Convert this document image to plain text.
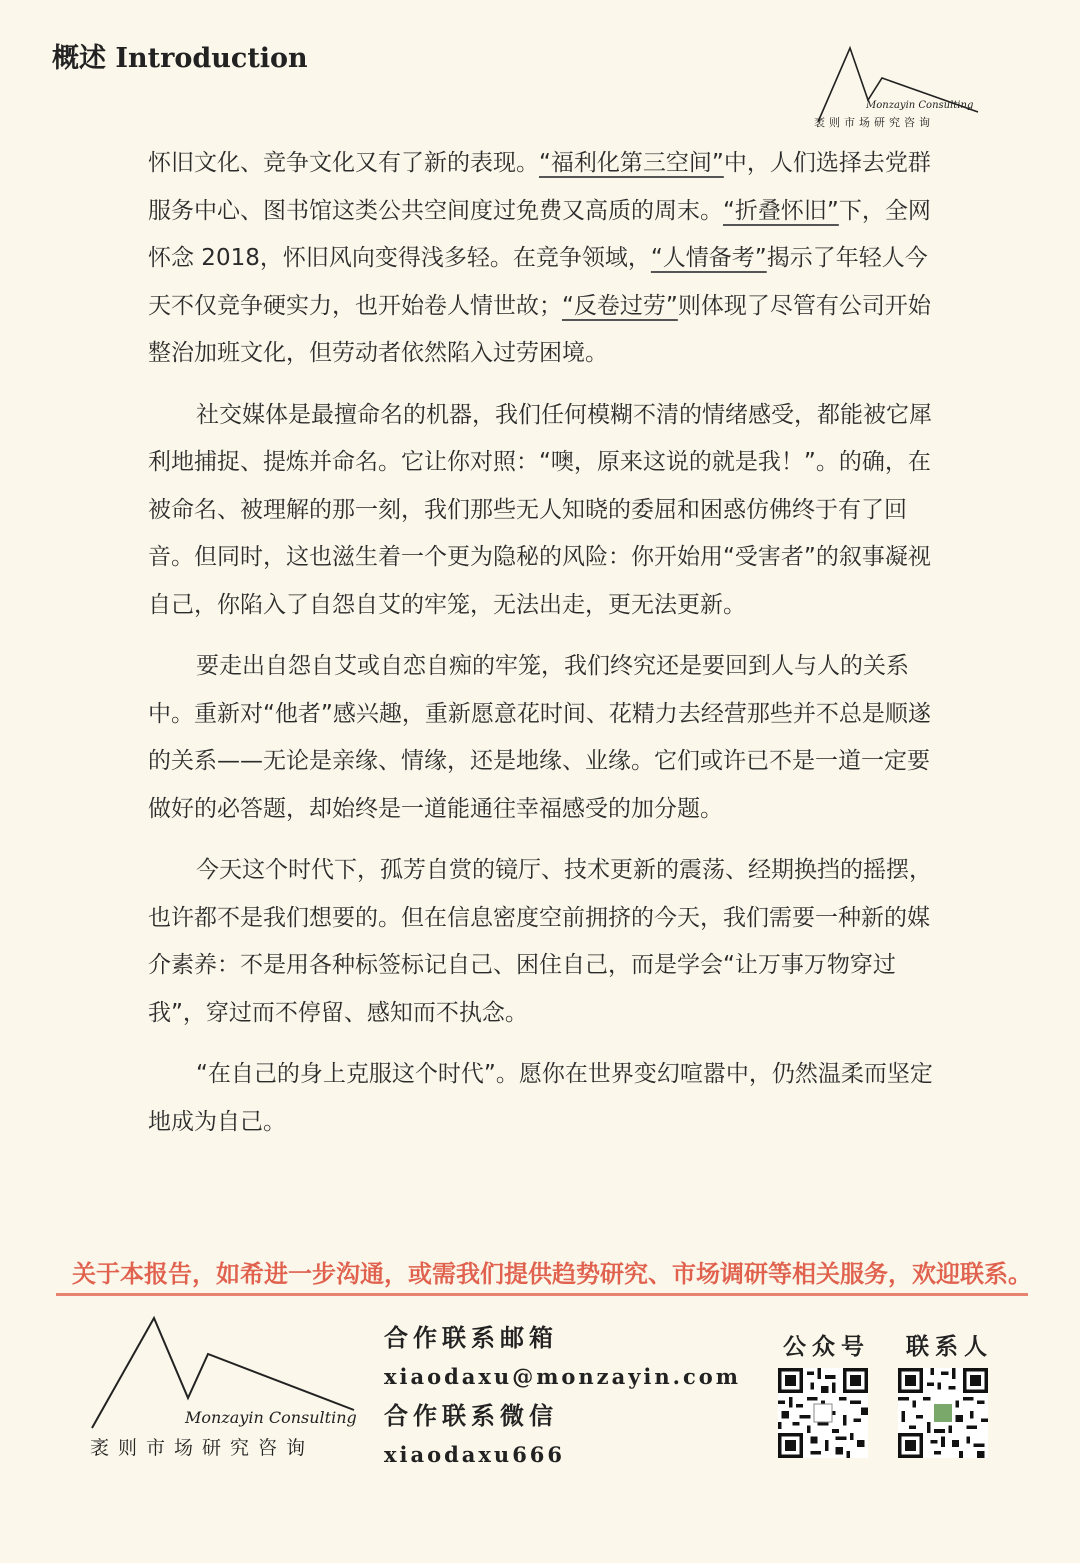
概述 Introduction
Monzayin Consulting
袤则市场研究咨询

怀旧文化、竞争文化又有了新的表现。“福利化第三空间”中，人们选择去党群服务中心、图书馆这类公共空间度过免费又高质的周末。“折叠怀旧”下，全网怀念 2018，怀旧风向变得浅多轻。在竞争领域，“人情备考”揭示了年轻人今天不仅竞争硬实力，也开始卷人情世故；“反卷过劳”则体现了尽管有公司开始整治加班文化，但劳动者依然陷入过劳困境。

社交媒体是最擅命名的机器，我们任何模糊不清的情绪感受，都能被它犀利地捕捉、提炼并命名。它让你对照：“噢，原来这说的就是我！”。的确，在被命名、被理解的那一刻，我们那些无人知晓的委屈和困惑仿佛终于有了回音。但同时，这也滋生着一个更为隐秘的风险：你开始用“受害者”的叙事凝视自己，你陷入了自怨自艾的牢笼，无法出走，更无法更新。

要走出自怨自艾或自恋自痴的牢笼，我们终究还是要回到人与人的关系中。重新对“他者”感兴趣，重新愿意花时间、花精力去经营那些并不总是顺遂的关系——无论是亲缘、情缘，还是地缘、业缘。它们或许已不是一道一定要做好的必答题，却始终是一道能通往幸福感受的加分题。

今天这个时代下，孤芳自赏的镜厅、技术更新的震荡、经期换挡的摇摆，也许都不是我们想要的。但在信息密度空前拥挤的今天，我们需要一种新的媒介素养：不是用各种标签标记自己、困住自己，而是学会“让万事万物穿过我”，穿过而不停留、感知而不执念。

“在自己的身上克服这个时代”。愿你在世界变幻喧嚣中，仍然温柔而坚定地成为自己。

关于本报告，如希进一步沟通，或需我们提供趋势研究、市场调研等相关服务，欢迎联系。
Monzayin Consulting
袤则市场研究咨询
合作联系邮箱
xiaodaxu@monzayin.com
合作联系微信
xiaodaxu666
公众号 联系人
